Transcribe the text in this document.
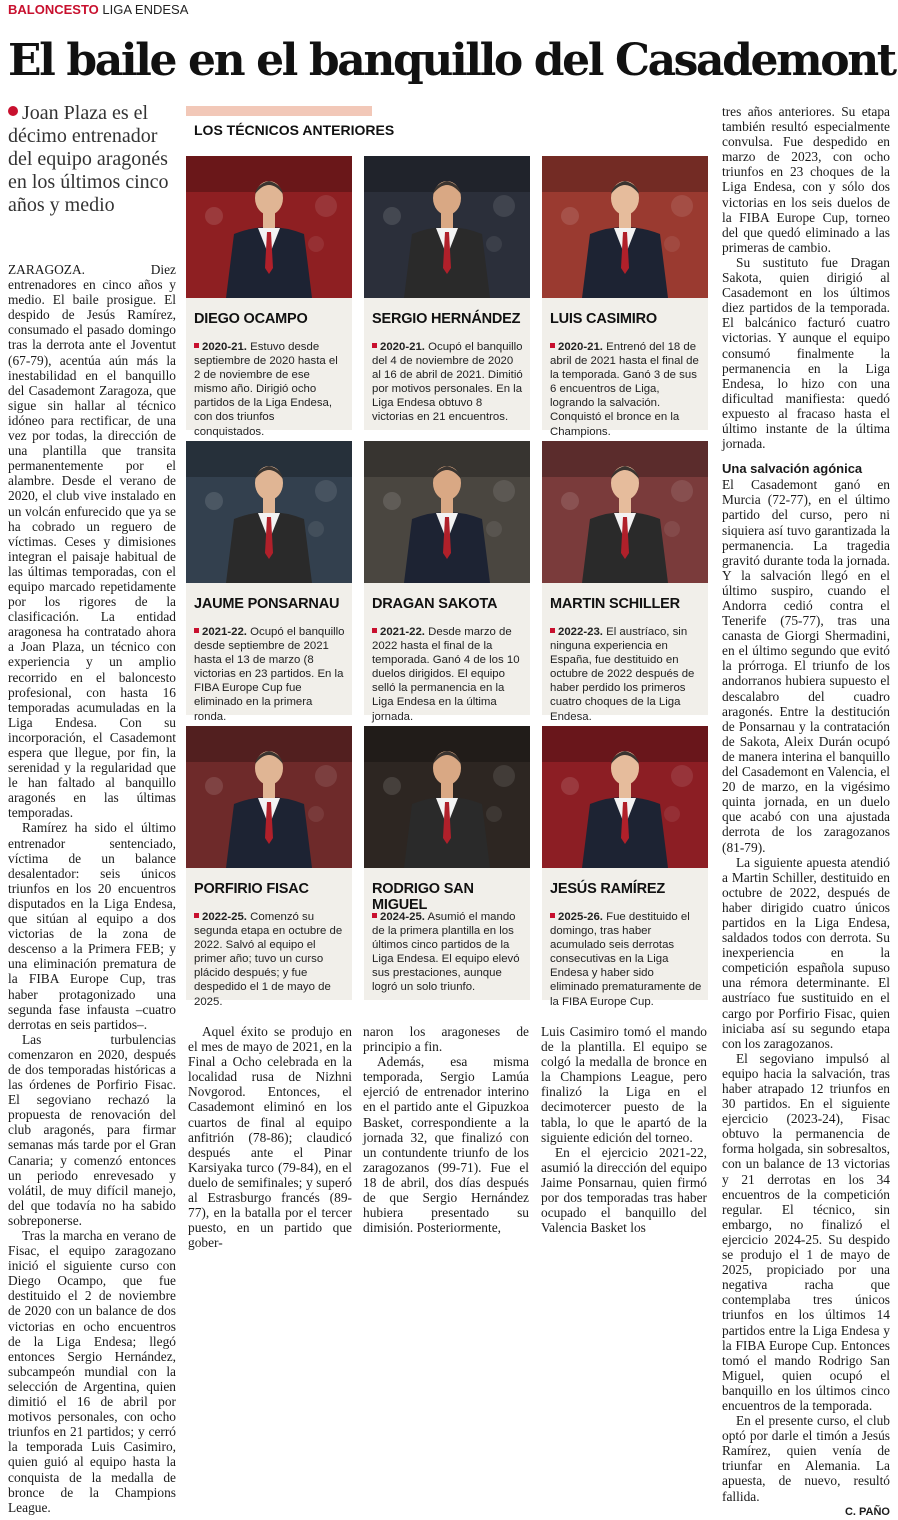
BALONCESTO LIGA ENDESA
El baile en el banquillo del Casademont
Joan Plaza es el décimo entrenador del equipo aragonés en los últimos cinco años y medio

ZARAGOZA. Diez entrenadores en cinco años y medio. El baile prosigue. El despido de Jesús Ramírez, consumado el pasado domingo tras la derrota ante el Joventut (67-79), acentúa aún más la inestabilidad en el banquillo del Casademont Zaragoza, que sigue sin hallar al técnico idóneo para rectificar, de una vez por todas, la dirección de una plantilla que transita permanentemente por el alambre. Desde el verano de 2020, el club vive instalado en un volcán enfurecido que ya se ha cobrado un reguero de víctimas. Ceses y dimisiones integran el paisaje habitual de las últimas temporadas, con el equipo marcado repetidamente por los rigores de la clasificación. La entidad aragonesa ha contratado ahora a Joan Plaza, un técnico con experiencia y un amplio recorrido en el baloncesto profesional, con hasta 16 temporadas acumuladas en la Liga Endesa. Con su incorporación, el Casademont espera que llegue, por fin, la serenidad y la regularidad que le han faltado al banquillo aragonés en las últimas temporadas.

Ramírez ha sido el último entrenador sentenciado, víctima de un balance desalentador: seis únicos triunfos en los 20 encuentros disputados en la Liga Endesa, que sitúan al equipo a dos victorias de la zona de descenso a la Primera FEB; y una eliminación prematura de la FIBA Europe Cup, tras haber protagonizado una segunda fase infausta –cuatro derrotas en seis partidos–.

Las turbulencias comenzaron en 2020, después de dos temporadas históricas a las órdenes de Porfirio Fisac. El segoviano rechazó la propuesta de renovación del club aragonés, para firmar semanas más tarde por el Gran Canaria; y comenzó entonces un periodo enrevesado y volátil, de muy difícil manejo, del que todavía no ha sabido sobreponerse.

Tras la marcha en verano de Fisac, el equipo zaragozano inició el siguiente curso con Diego Ocampo, que fue destituido el 2 de noviembre de 2020 con un balance de dos victorias en ocho encuentros de la Liga Endesa; llegó entonces Sergio Hernández, subcampeón mundial con la selección de Argentina, quien dimitió el 16 de abril por motivos personales, con ocho triunfos en 21 partidos; y cerró la temporada Luis Casimiro, quien guió al equipo hasta la conquista de la medalla de bronce de la Champions League.

LOS TÉCNICOS ANTERIORES
DIEGO OCAMPO
2020-21. Estuvo desde septiembre de 2020 hasta el 2 de noviembre de ese mismo año. Dirigió ocho partidos de la Liga Endesa, con dos triunfos conquistados.
SERGIO HERNÁNDEZ
2020-21. Ocupó el banquillo del 4 de noviembre de 2020 al 16 de abril de 2021. Dimitió por motivos personales. En la Liga Endesa obtuvo 8 victorias en 21 encuentros.
LUIS CASIMIRO
2020-21. Entrenó del 18 de abril de 2021 hasta el final de la temporada. Ganó 3 de sus 6 encuentros de Liga, logrando la salvación. Conquistó el bronce en la Champions.
JAUME PONSARNAU
2021-22. Ocupó el banquillo desde septiembre de 2021 hasta el 13 de marzo (8 victorias en 23 partidos. En la FIBA Europe Cup fue eliminado en la primera ronda.
DRAGAN SAKOTA
2021-22. Desde marzo de 2022 hasta el final de la temporada. Ganó 4 de los 10 duelos dirigidos. El equipo selló la permanencia en la Liga Endesa en la última jornada.
MARTIN SCHILLER
2022-23. El austríaco, sin ninguna experiencia en España, fue destituido en octubre de 2022 después de haber perdido los primeros cuatro choques de la Liga Endesa.
PORFIRIO FISAC
2022-25. Comenzó su segunda etapa en octubre de 2022. Salvó al equipo el primer año; tuvo un curso plácido después; y fue despedido el 1 de mayo de 2025.
RODRIGO SAN MIGUEL
2024-25. Asumió el mando de la primera plantilla en los últimos cinco partidos de la Liga Endesa. El equipo elevó sus prestaciones, aunque logró un solo triunfo.
JESÚS RAMÍREZ
2025-26. Fue destituido el domingo, tras haber acumulado seis derrotas consecutivas en la Liga Endesa y haber sido eliminado prematuramente de la FIBA Europe Cup.

Aquel éxito se produjo en el mes de mayo de 2021, en la Final a Ocho celebrada en la localidad rusa de Nizhni Novgorod. Entonces, el Casademont eliminó en los cuartos de final al equipo anfitrión (78-86); claudicó después ante el Pinar Karsiyaka turco (79-84), en el duelo de semifinales; y superó al Estrasburgo francés (89-77), en la batalla por el tercer puesto, en un partido que gober-

naron los aragoneses de principio a fin.

Además, esa misma temporada, Sergio Lamúa ejerció de entrenador interino en el partido ante el Gipuzkoa Basket, correspondiente a la jornada 32, que finalizó con un contundente triunfo de los zaragozanos (99-71). Fue el 18 de abril, dos días después de que Sergio Hernández hubiera presentado su dimisión. Posteriormente,

Luis Casimiro tomó el mando de la plantilla. El equipo se colgó la medalla de bronce en la Champions League, pero finalizó la Liga en el decimotercer puesto de la tabla, lo que le apartó de la siguiente edición del torneo.

En el ejercicio 2021-22, asumió la dirección del equipo Jaime Ponsarnau, quien firmó por dos temporadas tras haber ocupado el banquillo del Valencia Basket los

tres años anteriores. Su etapa también resultó especialmente convulsa. Fue despedido en marzo de 2023, con ocho triunfos en 23 choques de la Liga Endesa, con y sólo dos victorias en los seis duelos de la FIBA Europe Cup, torneo del que quedó eliminado a las primeras de cambio.

Su sustituto fue Dragan Sakota, quien dirigió al Casademont en los últimos diez partidos de la temporada. El balcánico facturó cuatro victorias. Y aunque el equipo consumó finalmente la permanencia en la Liga Endesa, lo hizo con una dificultad manifiesta: quedó expuesto al fracaso hasta el último instante de la última jornada.

Una salvación agónica

El Casademont ganó en Murcia (72-77), en el último partido del curso, pero ni siquiera así tuvo garantizada la permanencia. La tragedia gravitó durante toda la jornada. Y la salvación llegó en el último suspiro, cuando el Andorra cedió contra el Tenerife (75-77), tras una canasta de Giorgi Shermadini, en el último segundo que evitó la prórroga. El triunfo de los andorranos hubiera supuesto el descalabro del cuadro aragonés. Entre la destitución de Ponsarnau y la contratación de Sakota, Aleix Durán ocupó de manera interina el banquillo del Casademont en Valencia, el 20 de marzo, en la vigésimo quinta jornada, en un duelo que acabó con una ajustada derrota de los zaragozanos (81-79).

La siguiente apuesta atendió a Martin Schiller, destituido en octubre de 2022, después de haber dirigido cuatro únicos partidos en la Liga Endesa, saldados todos con derrota. Su inexperiencia en la competición española supuso una rémora determinante. El austríaco fue sustituido en el cargo por Porfirio Fisac, quien iniciaba así su segundo etapa con los zaragozanos.

El segoviano impulsó al equipo hacia la salvación, tras haber atrapado 12 triunfos en 30 partidos. En el siguiente ejercicio (2023-24), Fisac obtuvo la permanencia de forma holgada, sin sobresaltos, con un balance de 13 victorias y 21 derrotas en los 34 encuentros de la competición regular. El técnico, sin embargo, no finalizó el ejercicio 2024-25. Su despido se produjo el 1 de mayo de 2025, propiciado por una negativa racha que contemplaba tres únicos triunfos en los últimos 14 partidos entre la Liga Endesa y la FIBA Europe Cup. Entonces tomó el mando Rodrigo San Miguel, quien ocupó el banquillo en los últimos cinco encuentros de la temporada.

En el presente curso, el club optó por darle el timón a Jesús Ramírez, quien venía de triunfar en Alemania. La apuesta, de nuevo, resultó fallida.

C. PAÑO
